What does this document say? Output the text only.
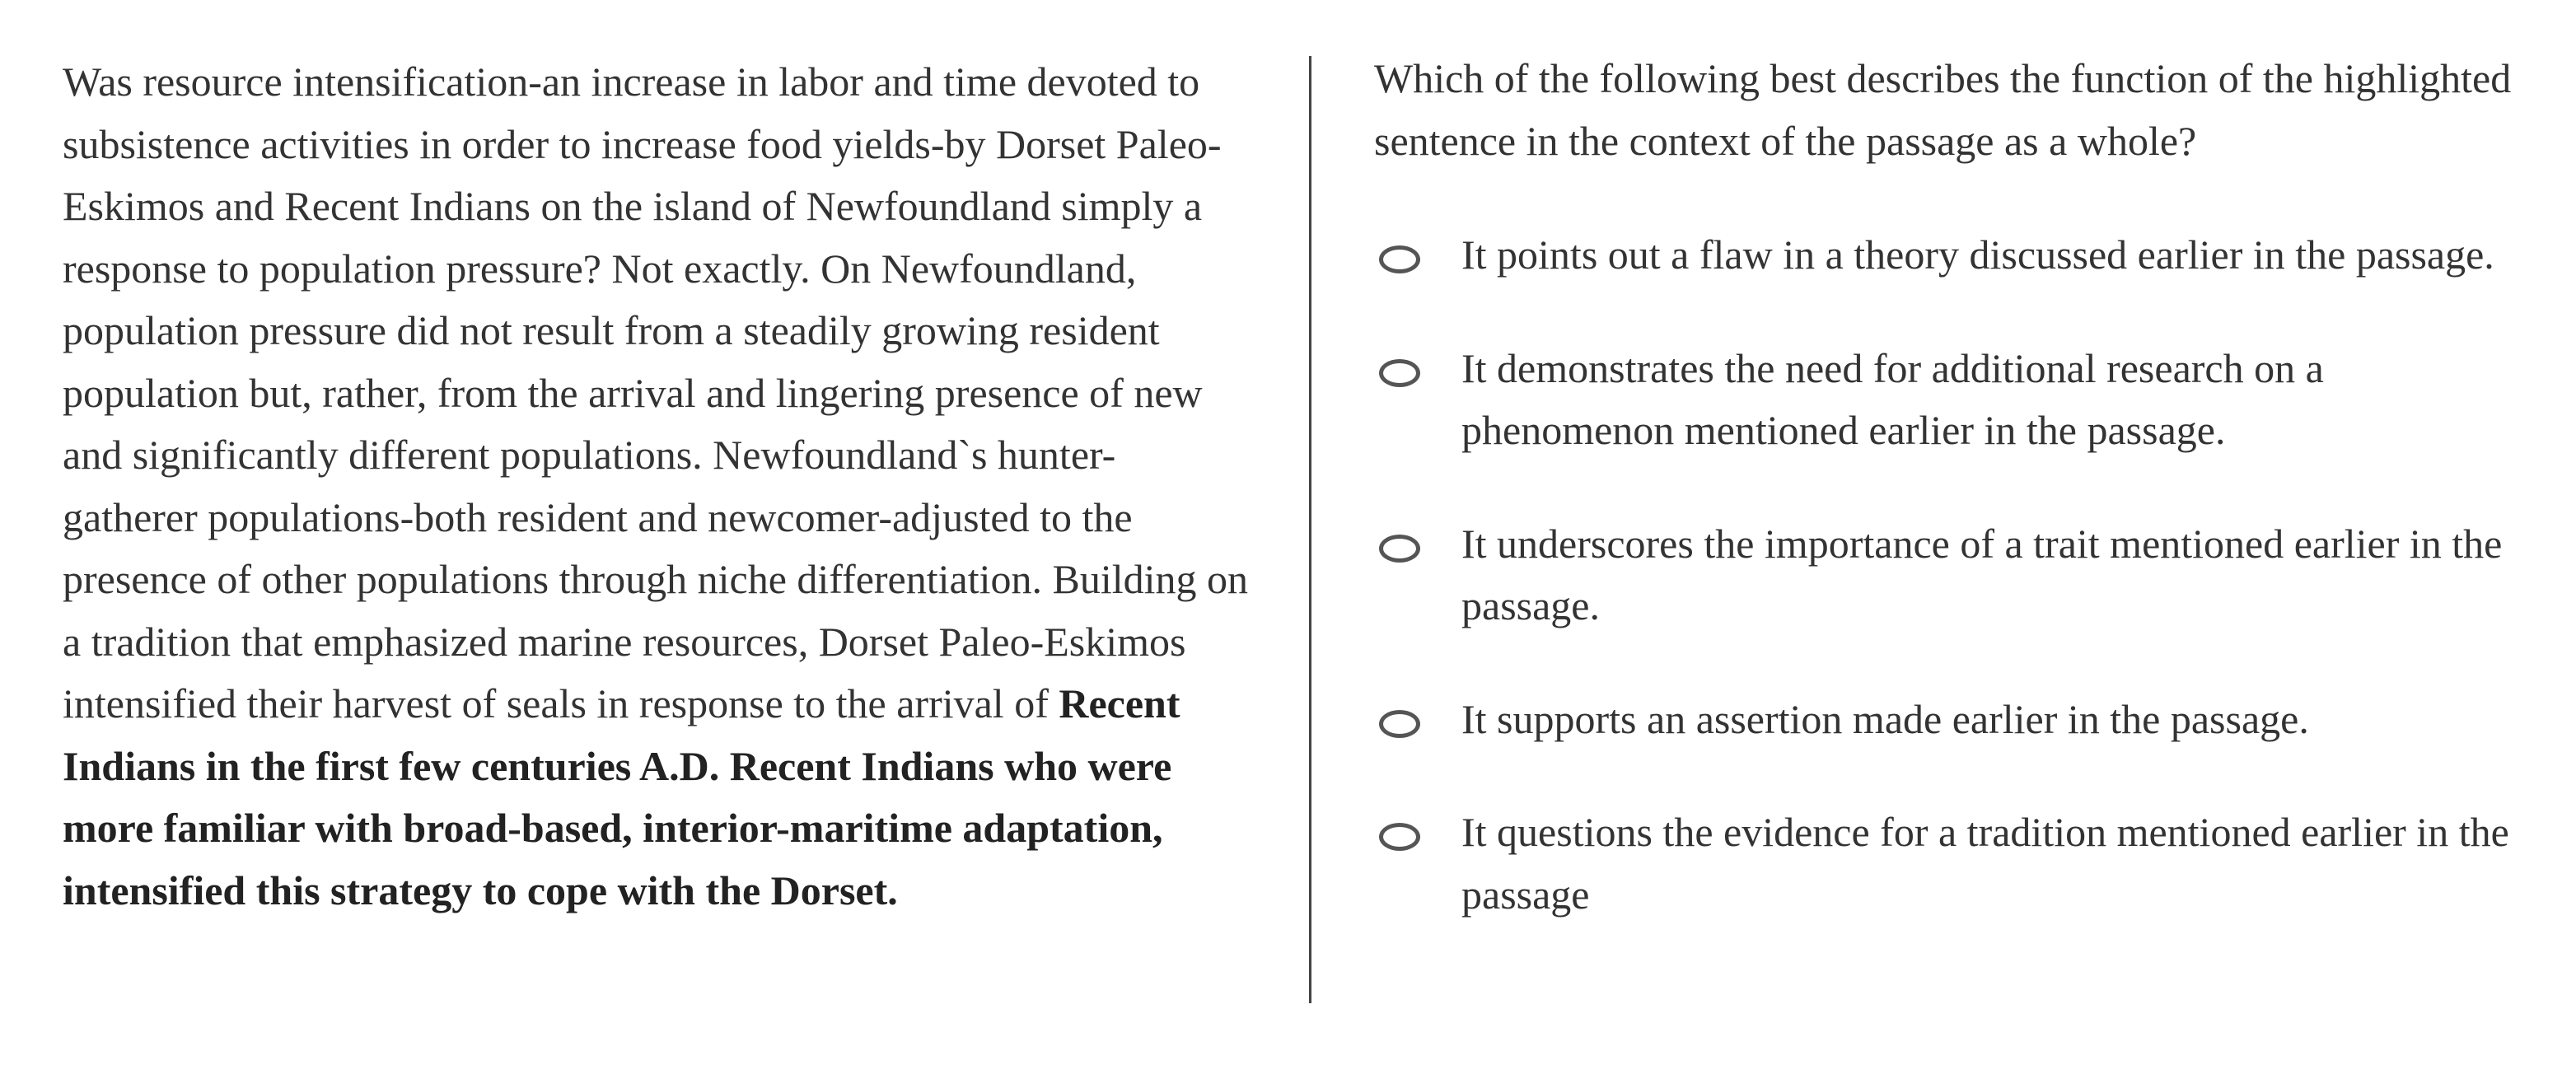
Was resource intensification-an increase in labor and time devoted to subsistence activities in order to increase food yields-by Dorset Paleo-Eskimos and Recent Indians on the island of Newfoundland simply a response to population pressure? Not exactly. On Newfoundland, population pressure did not result from a steadily growing resident population but, rather, from the arrival and lingering presence of new and significantly different populations. Newfoundland`s hunter-gatherer populations-both resident and newcomer-adjusted to the presence of other populations through niche differentiation. Building on a tradition that emphasized marine resources, Dorset Paleo-Eskimos intensified their harvest of seals in response to the arrival of Recent Indians in the first few centuries A.D. Recent Indians who were more familiar with broad-based, interior-maritime adaptation, intensified this strategy to cope with the Dorset.

Which of the following best describes the function of the highlighted sentence in the context of the passage as a whole?

It points out a flaw in a theory discussed earlier in the passage.
It demonstrates the need for additional research on a phenomenon mentioned earlier in the passage.
It underscores the importance of a trait mentioned earlier in the passage.
It supports an assertion made earlier in the passage.
It questions the evidence for a tradition mentioned earlier in the passage
